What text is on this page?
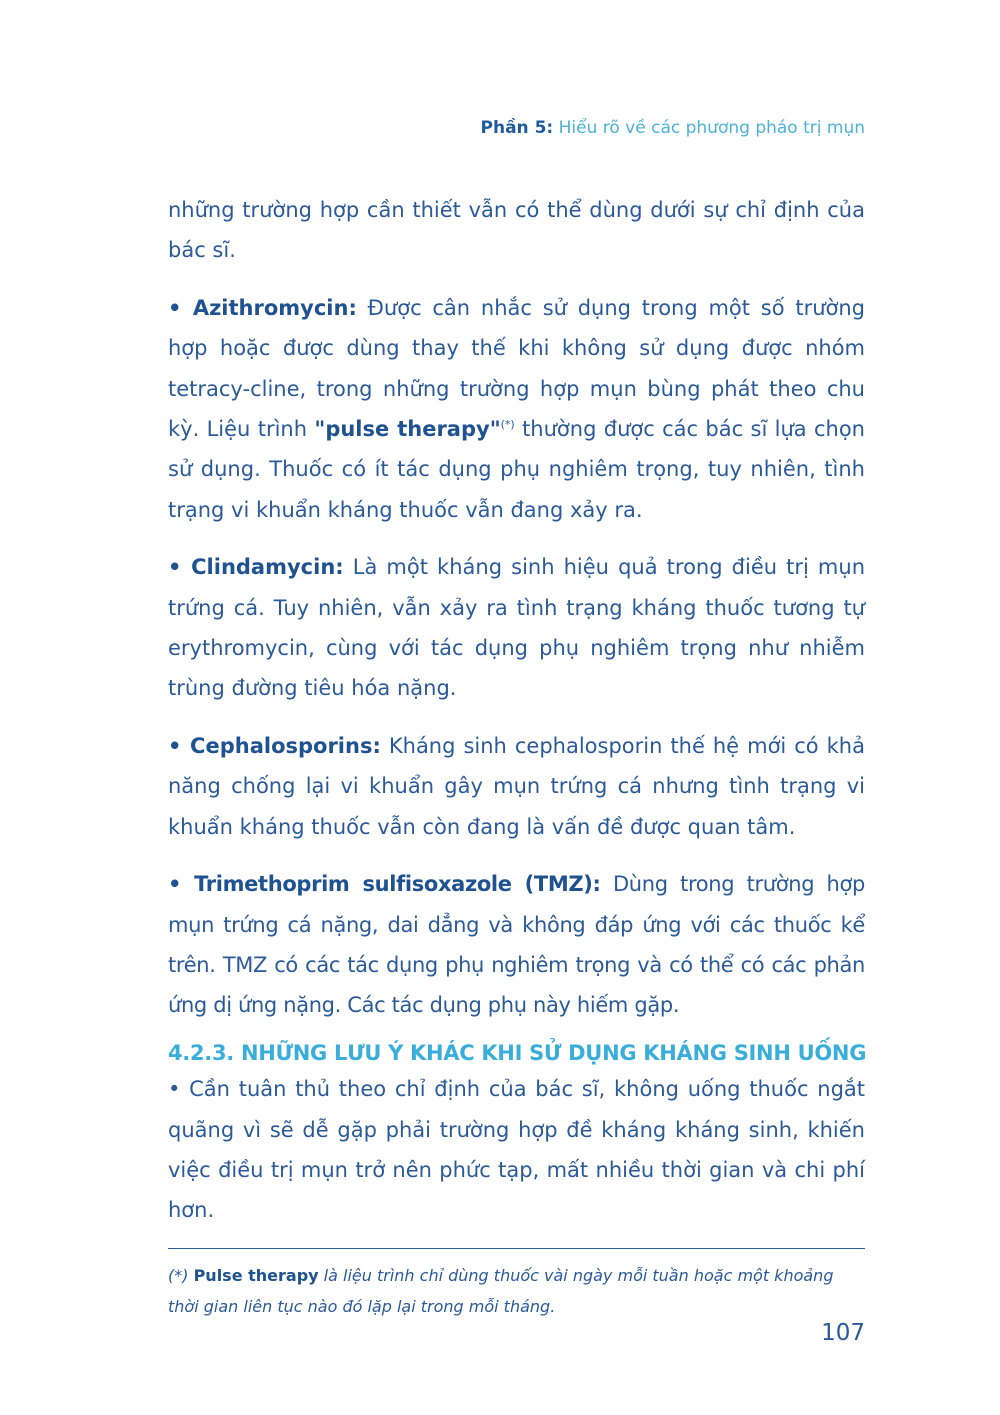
Phần 5: Hiểu rõ về các phương pháo trị mụn

những trường hợp cần thiết vẫn có thể dùng dưới sự chỉ định của bác sĩ.

• Azithromycin: Được cân nhắc sử dụng trong một số trường hợp hoặc được dùng thay thế khi không sử dụng được nhóm tetracy-cline, trong những trường hợp mụn bùng phát theo chu kỳ. Liệu trình "pulse therapy"(*) thường được các bác sĩ lựa chọn sử dụng. Thuốc có ít tác dụng phụ nghiêm trọng, tuy nhiên, tình trạng vi khuẩn kháng thuốc vẫn đang xảy ra.

• Clindamycin: Là một kháng sinh hiệu quả trong điều trị mụn trứng cá. Tuy nhiên, vẫn xảy ra tình trạng kháng thuốc tương tự erythromycin, cùng với tác dụng phụ nghiêm trọng như nhiễm trùng đường tiêu hóa nặng.

• Cephalosporins: Kháng sinh cephalosporin thế hệ mới có khả năng chống lại vi khuẩn gây mụn trứng cá nhưng tình trạng vi khuẩn kháng thuốc vẫn còn đang là vấn đề được quan tâm.

• Trimethoprim sulfisoxazole (TMZ): Dùng trong trường hợp mụn trứng cá nặng, dai dẳng và không đáp ứng với các thuốc kể trên. TMZ có các tác dụng phụ nghiêm trọng và có thể có các phản ứng dị ứng nặng. Các tác dụng phụ này hiếm gặp.

4.2.3. NHỮNG LƯU Ý KHÁC KHI SỬ DỤNG KHÁNG SINH UỐNG

• Cần tuân thủ theo chỉ định của bác sĩ, không uống thuốc ngắt quãng vì sẽ dễ gặp phải trường hợp đề kháng kháng sinh, khiến việc điều trị mụn trở nên phức tạp, mất nhiều thời gian và chi phí hơn.

(*) Pulse therapy là liệu trình chỉ dùng thuốc vài ngày mỗi tuần hoặc một khoảng thời gian liên tục nào đó lặp lại trong mỗi tháng.
107
